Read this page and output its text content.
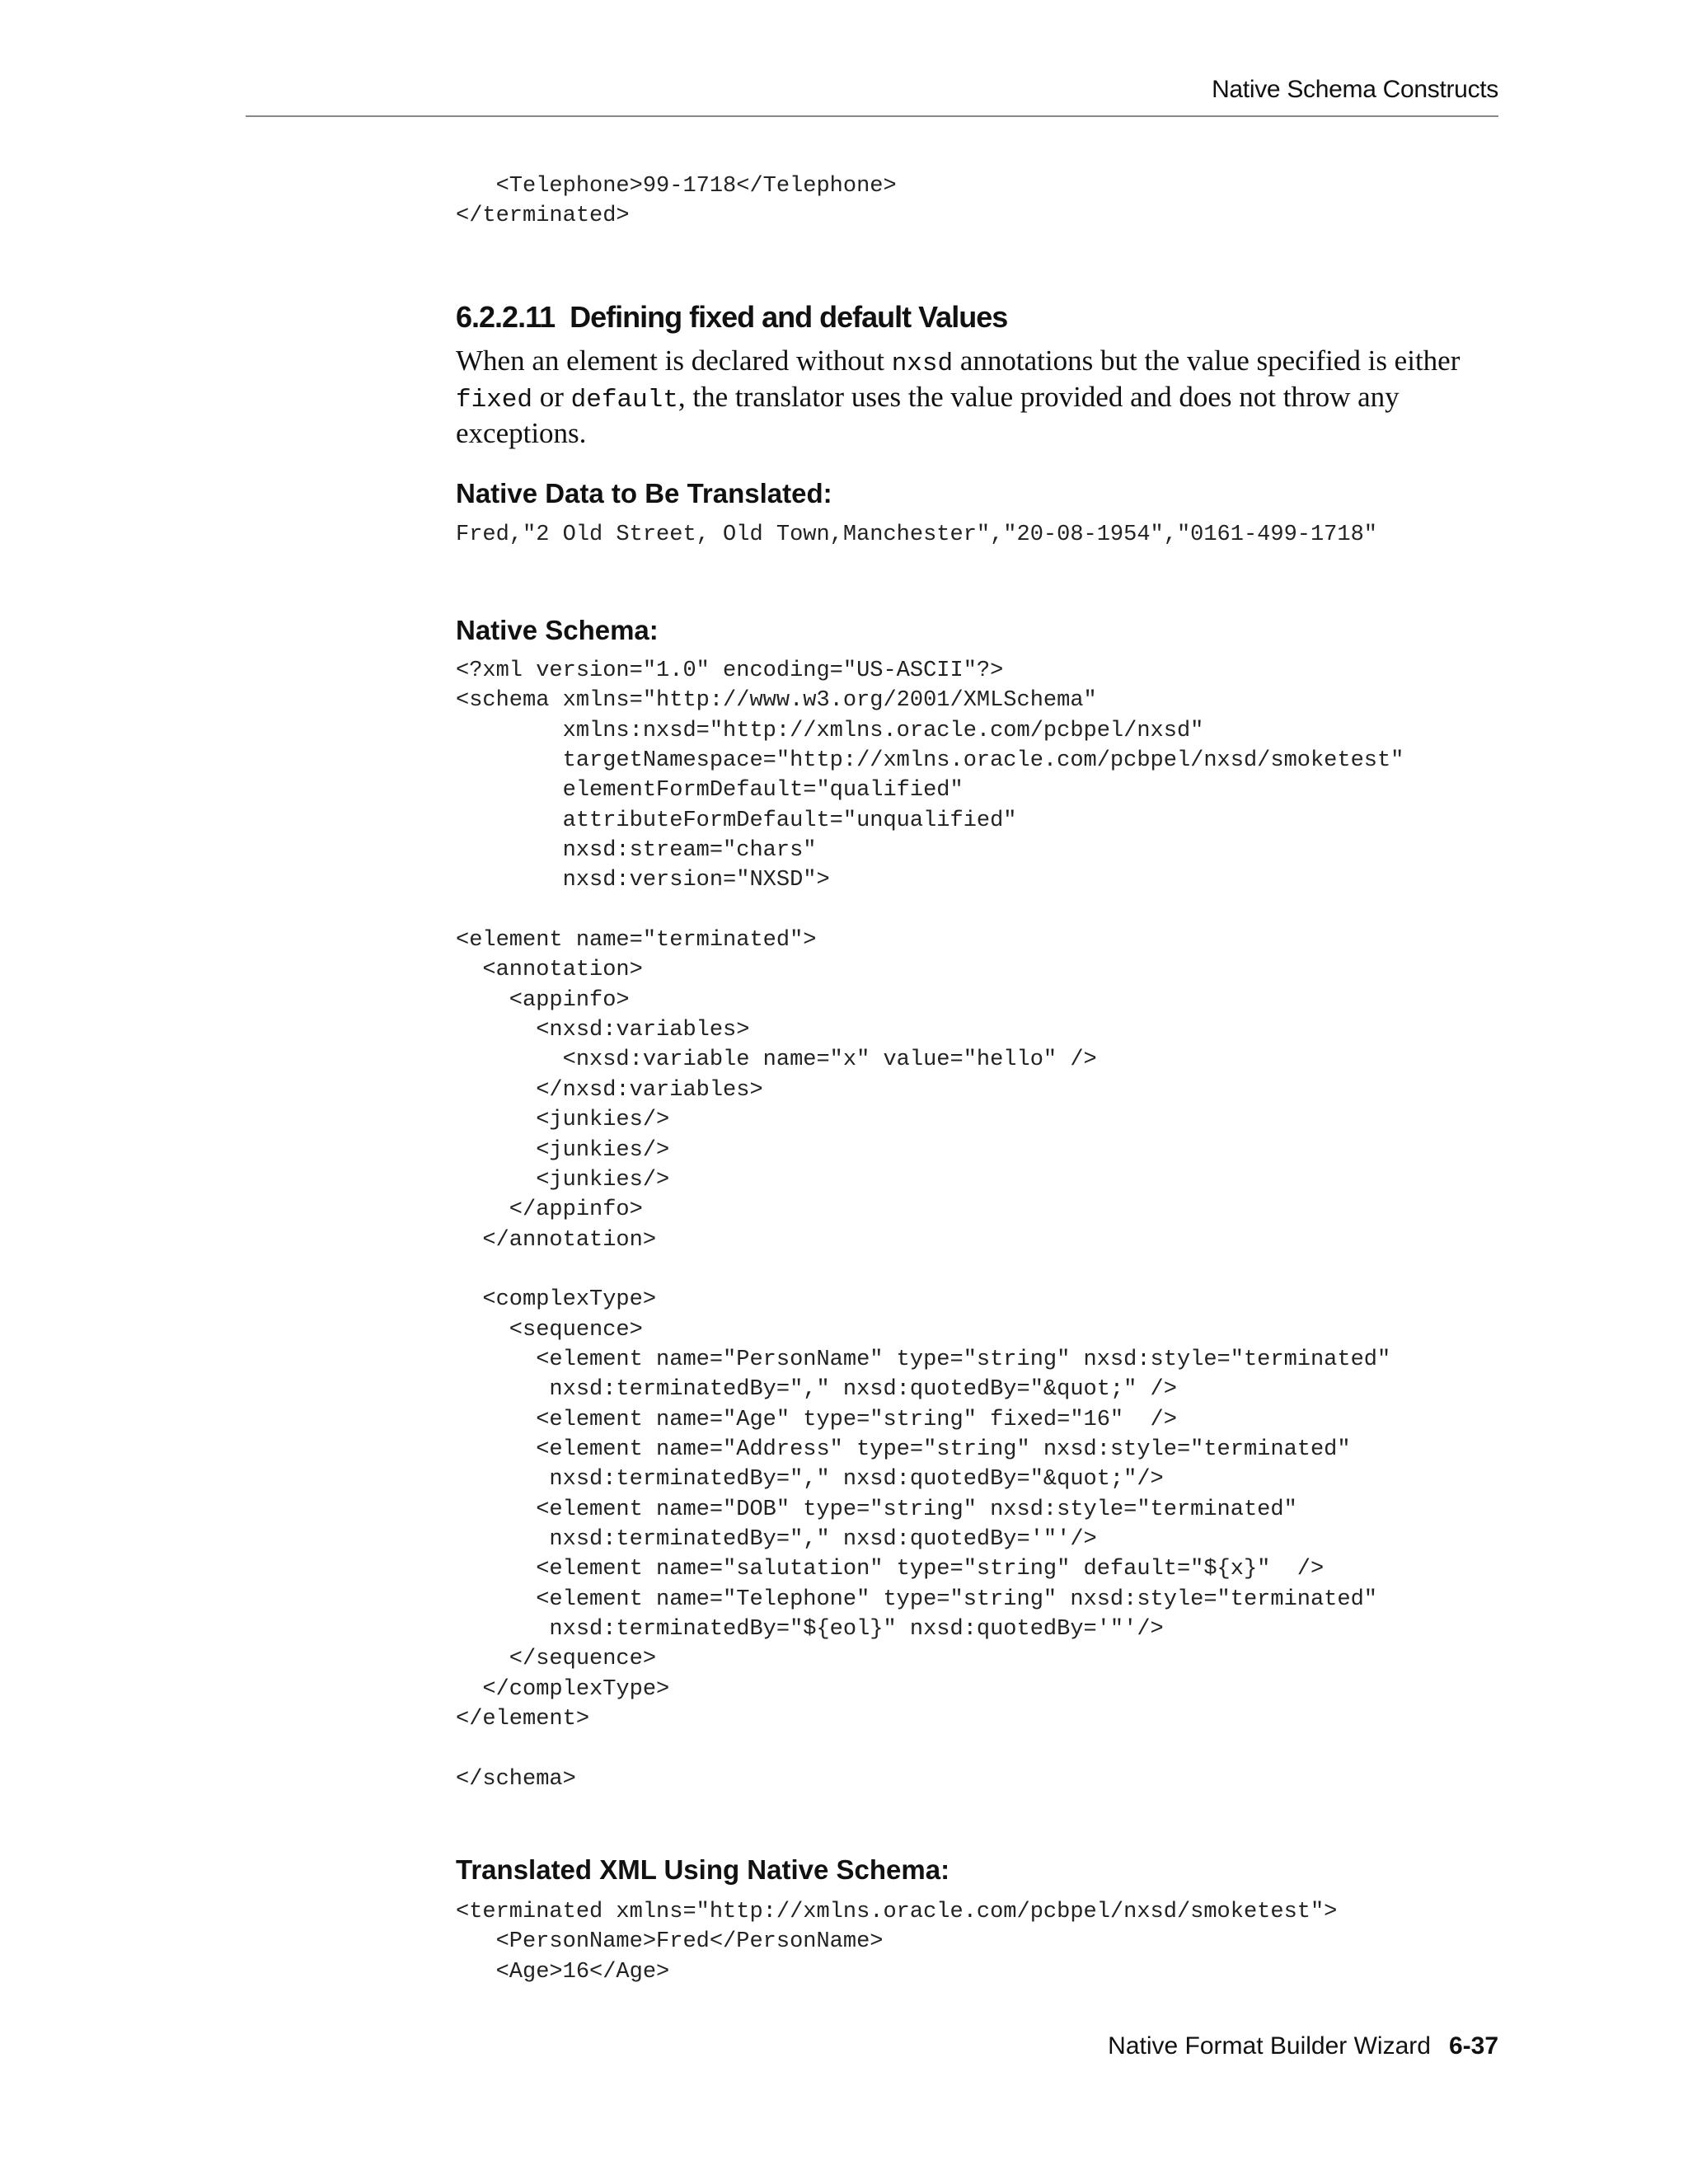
Native Schema Constructs
<Telephone>99-1718</Telephone>
</terminated>
6.2.2.11 Defining fixed and default Values

When an element is declared without nxsd annotations but the value specified is either fixed or default, the translator uses the value provided and does not throw any exceptions.

Native Data to Be Translated:
Fred,"2 Old Street, Old Town,Manchester","20-08-1954","0161-499-1718"
Native Schema:
<?xml version="1.0" encoding="US-ASCII"?>
<schema xmlns="http://www.w3.org/2001/XMLSchema"
xmlns:nxsd="http://xmlns.oracle.com/pcbpel/nxsd"
targetNamespace="http://xmlns.oracle.com/pcbpel/nxsd/smoketest"
elementFormDefault="qualified"
attributeFormDefault="unqualified"
nxsd:stream="chars"
nxsd:version="NXSD">

<element name="terminated">
<annotation>
<appinfo>
<nxsd:variables>
<nxsd:variable name="x" value="hello" />
</nxsd:variables>
<junkies/>
<junkies/>
<junkies/>
</appinfo>
</annotation>

<complexType>
<sequence>
<element name="PersonName" type="string" nxsd:style="terminated"
nxsd:terminatedBy="," nxsd:quotedBy="&quot;" />
<element name="Age" type="string" fixed="16"  />
<element name="Address" type="string" nxsd:style="terminated"
nxsd:terminatedBy="," nxsd:quotedBy="&quot;"/>
<element name="DOB" type="string" nxsd:style="terminated"
nxsd:terminatedBy="," nxsd:quotedBy='"'/>
<element name="salutation" type="string" default="${x}"  />
<element name="Telephone" type="string" nxsd:style="terminated"
nxsd:terminatedBy="${eol}" nxsd:quotedBy='"'/>
</sequence>
</complexType>
</element>

</schema>
Translated XML Using Native Schema:
<terminated xmlns="http://xmlns.oracle.com/pcbpel/nxsd/smoketest">
<PersonName>Fred</PersonName>
<Age>16</Age>
Native Format Builder Wizard 6-37
